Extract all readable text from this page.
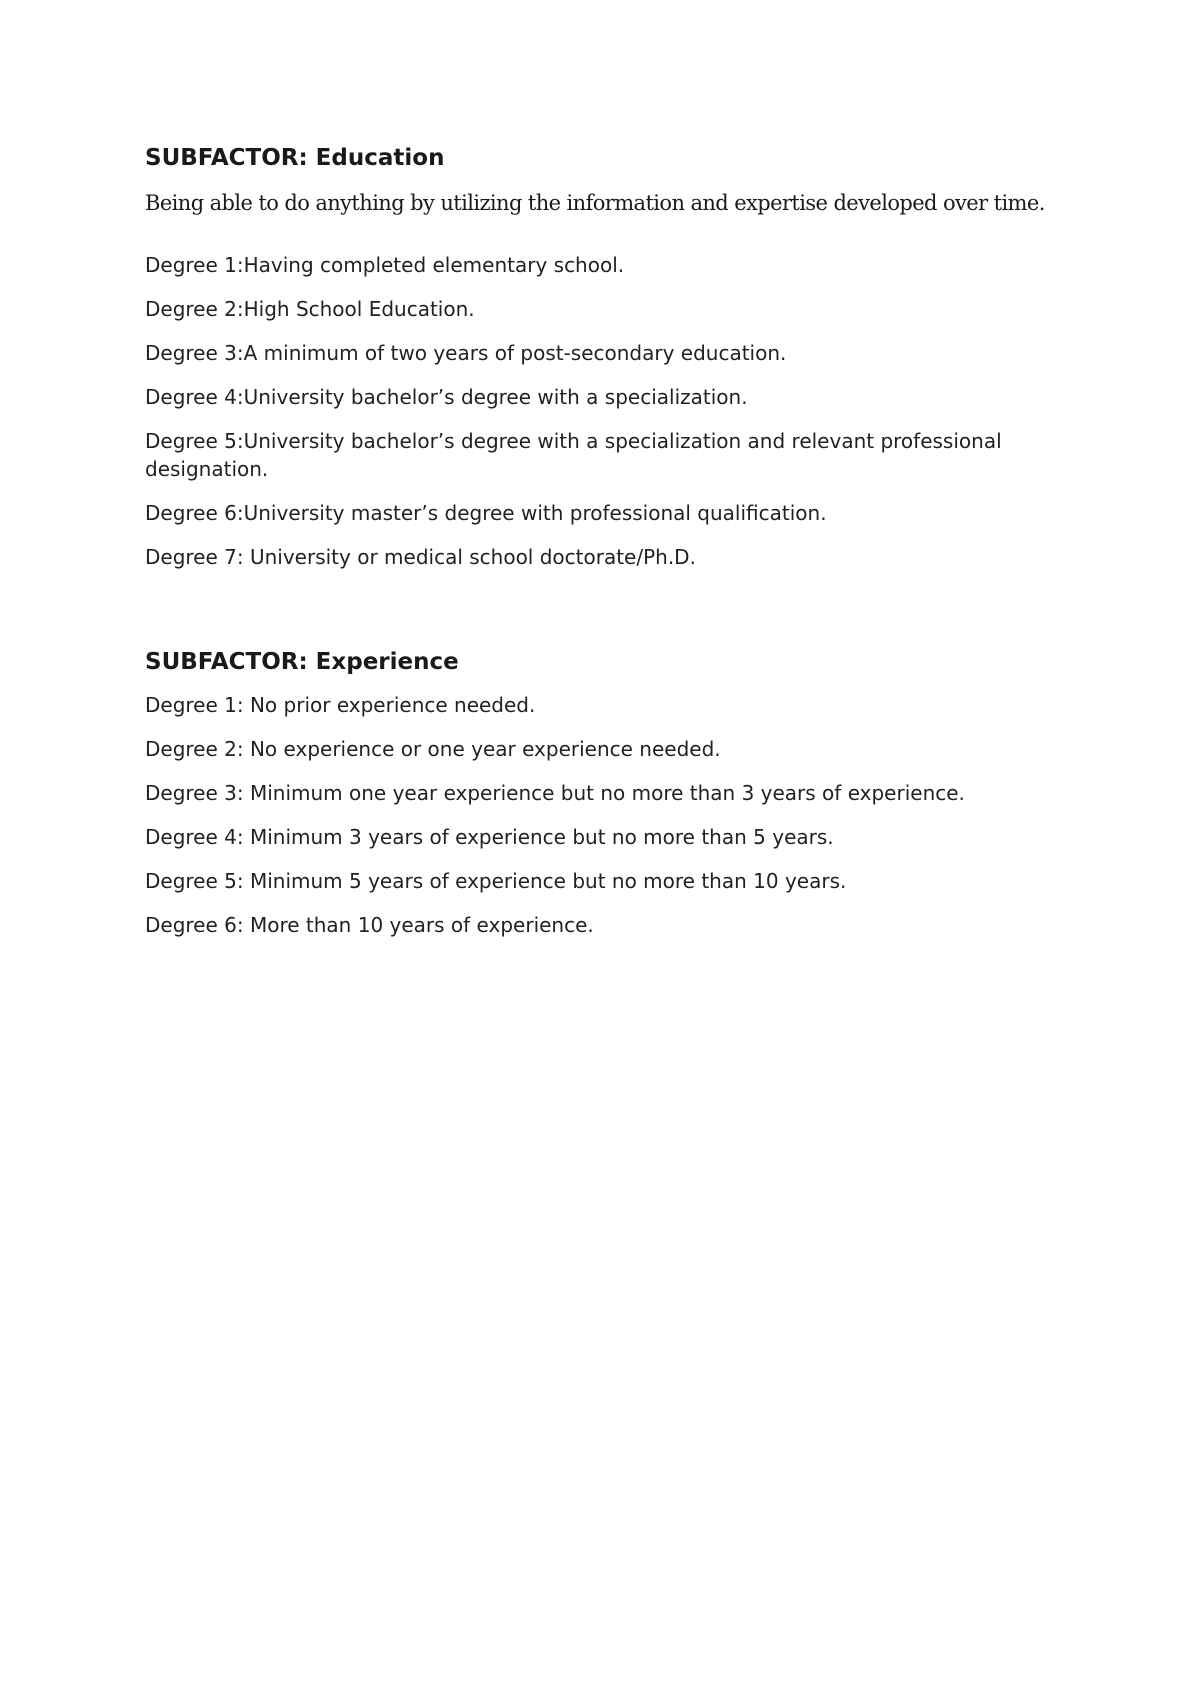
SUBFACTOR: Education

Being able to do anything by utilizing the information and expertise developed over time.

Degree 1:Having completed elementary school.
Degree 2:High School Education.
Degree 3:A minimum of two years of post-secondary education.
Degree 4:University bachelor’s degree with a specialization.
Degree 5:University bachelor’s degree with a specialization and relevant professional designation.
Degree 6:University master’s degree with professional qualification.
Degree 7: University or medical school doctorate/Ph.D.
SUBFACTOR: Experience
Degree 1: No prior experience needed.
Degree 2: No experience or one year experience needed.
Degree 3: Minimum one year experience but no more than 3 years of experience.
Degree 4: Minimum 3 years of experience but no more than 5 years.
Degree 5: Minimum 5 years of experience but no more than 10 years.
Degree 6: More than 10 years of experience.
